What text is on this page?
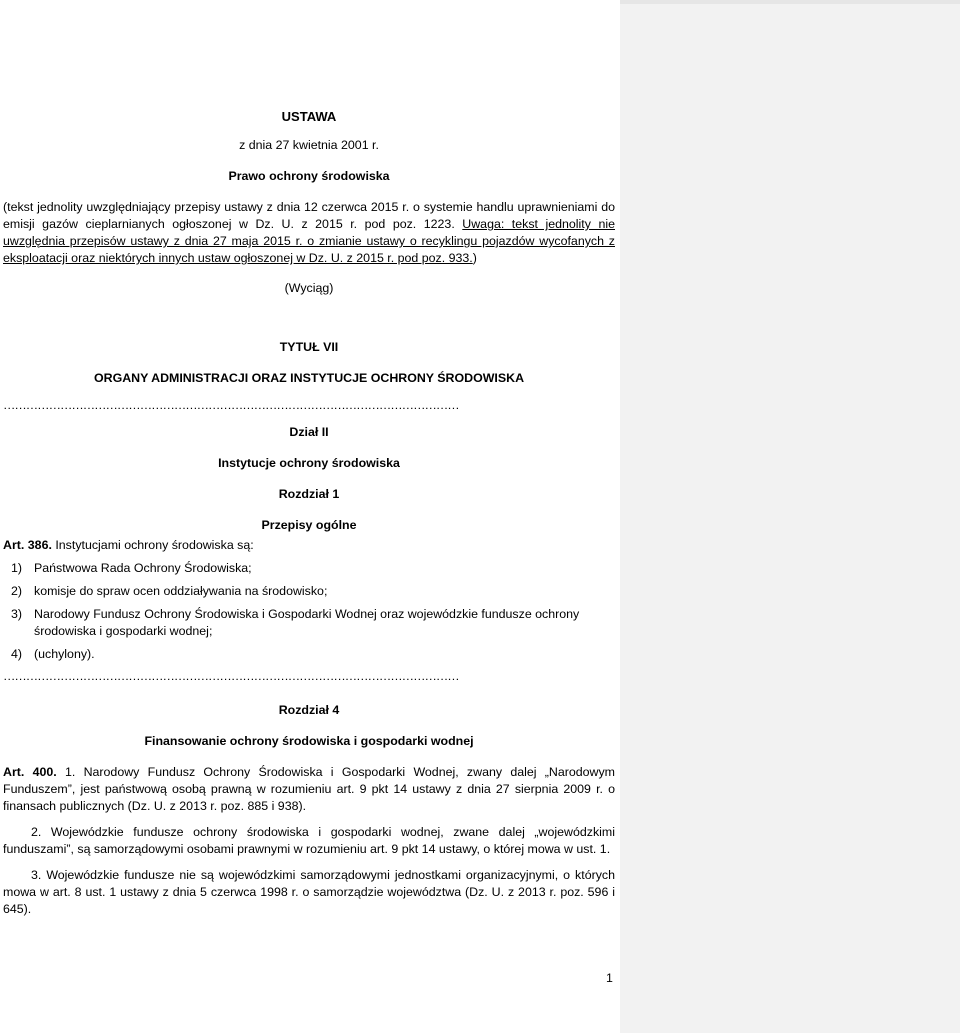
USTAWA
z dnia 27 kwietnia 2001 r.
Prawo ochrony środowiska
(tekst jednolity uwzględniający przepisy ustawy z dnia 12 czerwca 2015 r. o systemie handlu uprawnieniami do emisji gazów cieplarnianych ogłoszonej w Dz. U. z 2015 r. pod poz. 1223. Uwaga: tekst jednolity nie uwzględnia przepisów ustawy z dnia 27 maja 2015 r. o zmianie ustawy o recyklingu pojazdów wycofanych z eksploatacji oraz niektórych innych ustaw ogłoszonej w Dz. U. z 2015 r. pod poz. 933.)
(Wyciąg)
TYTUŁ VII
ORGANY ADMINISTRACJI ORAZ INSTYTUCJE OCHRONY ŚRODOWISKA
…………………………………………………………………………………………………………
Dział II
Instytucje ochrony środowiska
Rozdział 1
Przepisy ogólne
Art. 386. Instytucjami ochrony środowiska są:
1) Państwowa Rada Ochrony Środowiska;
2) komisje do spraw ocen oddziaływania na środowisko;
3) Narodowy Fundusz Ochrony Środowiska i Gospodarki Wodnej oraz wojewódzkie fundusze ochrony środowiska i gospodarki wodnej;
4) (uchylony).
…………………………………………………………………………………………………………
Rozdział 4
Finansowanie ochrony środowiska i gospodarki wodnej
Art. 400. 1. Narodowy Fundusz Ochrony Środowiska i Gospodarki Wodnej, zwany dalej „Narodowym Funduszem”, jest państwową osobą prawną w rozumieniu art. 9 pkt 14 ustawy z dnia 27 sierpnia 2009 r. o finansach publicznych (Dz. U. z 2013 r. poz. 885 i 938).
2. Wojewódzkie fundusze ochrony środowiska i gospodarki wodnej, zwane dalej „wojewódzkimi funduszami”, są samorządowymi osobami prawnymi w rozumieniu art. 9 pkt 14 ustawy, o której mowa w ust. 1.
3. Wojewódzkie fundusze nie są wojewódzkimi samorządowymi jednostkami organizacyjnymi, o których mowa w art. 8 ust. 1 ustawy z dnia 5 czerwca 1998 r. o samorządzie województwa (Dz. U. z 2013 r. poz. 596 i 645).
1
